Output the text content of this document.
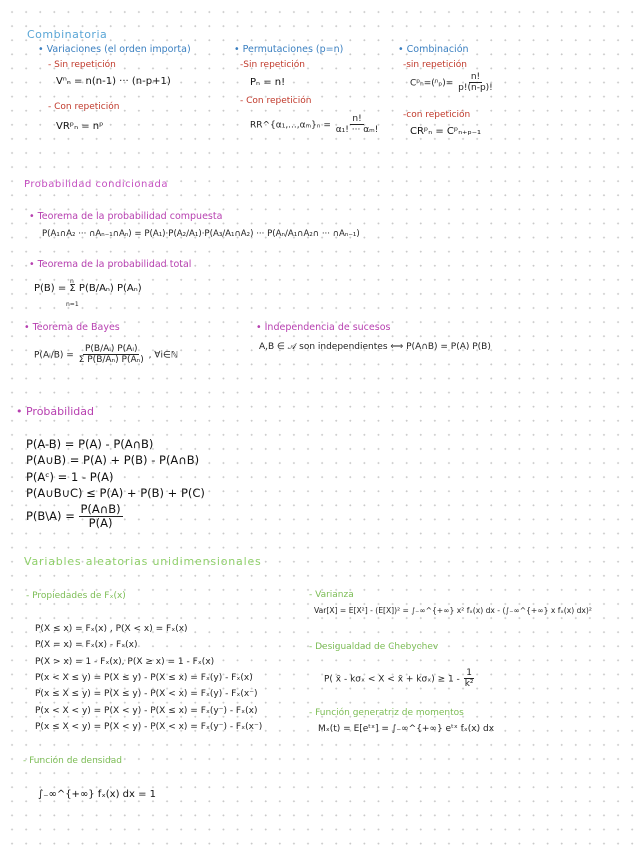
Combinatoria
• Variaciones (el orden importa)
- Sin repetición
Vⁿₙ = n(n-1) ··· (n-p+1)
- Con repetición
VRᵖₙ = nᵖ
• Permutaciones (p=n)
-Sin repetición
Pₙ = n!
- Con repetición
RR^{α₁,...,αₘ}ₙ = $\frac{n!}{\text{α₁! ··· αₘ!}}$
• Combinación
-sin repetición
Cᵖₙ=(ⁿₚ)= $\frac{n!}{p!(n-p)!}$
-con repetición
CRᵖₙ = Cᵖₙ₊ₚ₋₁
Probabilidad condicionada
• Teorema de la probabilidad compuesta
P(A₁∩A₂ ··· ∩Aₙ₋₁∩Aₙ) = P(A₁)·P(A₂/A₁)·P(A₃/A₁∩A₂) ··· P(Aₙ/A₁∩A₂∩ ··· ∩Aₙ₋₁)
• Teorema de la probabilidad total
P(B) = Σ P(B/Aₙ) P(Aₙ)
n
n=1
• Teorema de Bayes
P(Aᵢ/B) = $\frac{\text{P(B/Aᵢ) P(Aᵢ)}}{\text{Σ P(B/Aₙ) P(Aₙ)}}$ , ∀i∈ℕ
• Independencia de sucesos
A,B ∈ 𝒜 son independientes ⟺ P(A∩B) = P(A) P(B)
• Probabilidad
P(A-B) = P(A) - P(A∩B)
P(A∪B) = P(A) + P(B) - P(A∩B)
P(Aᶜ) = 1 - P(A)
P(A∪B∪C) ≤ P(A) + P(B) + P(C)
P(B\A) = $\frac{P(A\cap B)}{P(A)}$
Variables aleatorias unidimensionales
- Propiedades de Fₓ(x)
P(X ≤ x) = Fₓ(x) , P(X < x) = Fₓ(x)
P(X = x) = Fₓ(x) - Fₓ(x)
P(X > x) = 1 - Fₓ(x), P(X ≥ x) = 1 - Fₓ(x)
P(x < X ≤ y) = P(X ≤ y) - P(X ≤ x) = Fₓ(y) - Fₓ(x)
P(x ≤ X ≤ y) = P(X ≤ y) - P(X < x) = Fₓ(y) - Fₓ(x⁻)
P(x < X < y) = P(X < y) - P(X ≤ x) = Fₓ(y⁻) - Fₓ(x)
P(x ≤ X < y) = P(X < y) - P(X < x) = Fₓ(y⁻) - Fₓ(x⁻)
- Función de densidad
∫₋∞^{+∞} fₓ(x) dx = 1
- Varianza
Var[X] = E[X²] - (E[X])² = ∫₋∞^{+∞} x² fₓ(x) dx - (∫₋∞^{+∞} x fₓ(x) dx)²
- Desigualdad de Chebychev
P( x̄ - kσₓ < X < x̄ + $k\sigma_x) \ge 1 - \frac{1}{\text{k²}}$
- Función generatriz de momentos
Mₓ(t) = E[eᵗˣ] = ∫₋∞^{+∞} eᵗˣ fₓ(x) dx
